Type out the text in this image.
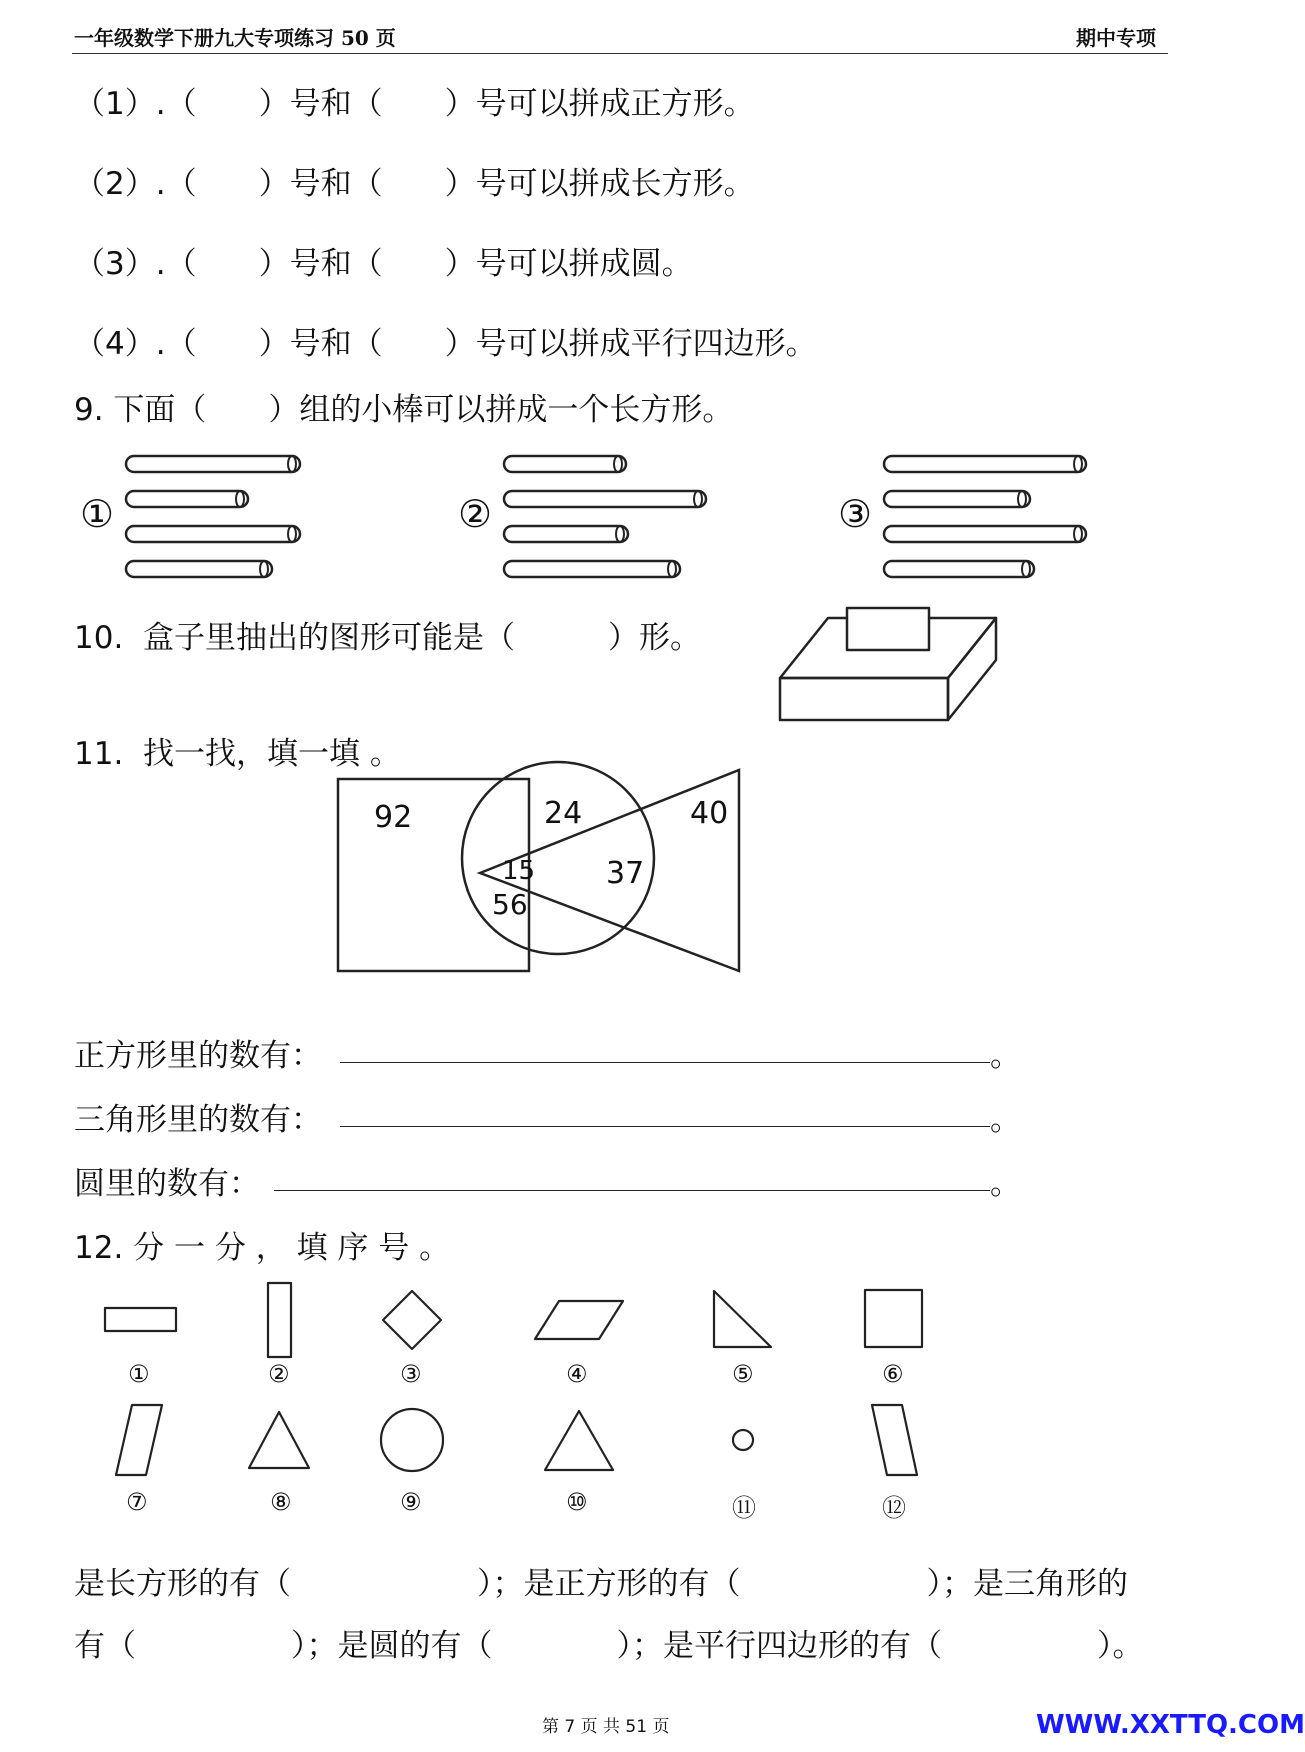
一年级数学下册九大专项练习 50 页	期中专项
（1）.（　　）号和（　　）号可以拼成正方形。
（2）.（　　）号和（　　）号可以拼成长方形。
（3）.（　　）号和（　　）号可以拼成圆。
（4）.（　　）号和（　　）号可以拼成平行四边形。
9. 下面（　　）组的小棒可以拼成一个长方形。
①	②	③
10.  盒子里抽出的图形可能是（　　　）形。
11.  找一找，填一填 。
92	24	40
15 37
56
正方形里的数有：	。
三角形里的数有：	。
圆里的数有：	。
12. 分 一 分 ， 填 序 号 。
①	②	③	④	⑤	⑥
⑦	⑧	⑨	⑩	⑪	⑫
是长方形的有（　　　　　　）；是正方形的有（　　　　　　）；是三角形的
有（　　　　　）；是圆的有（　　　　）；是平行四边形的有（　　　　　）。
第 7 页 共 51 页	WWW.XXTTQ.COM
